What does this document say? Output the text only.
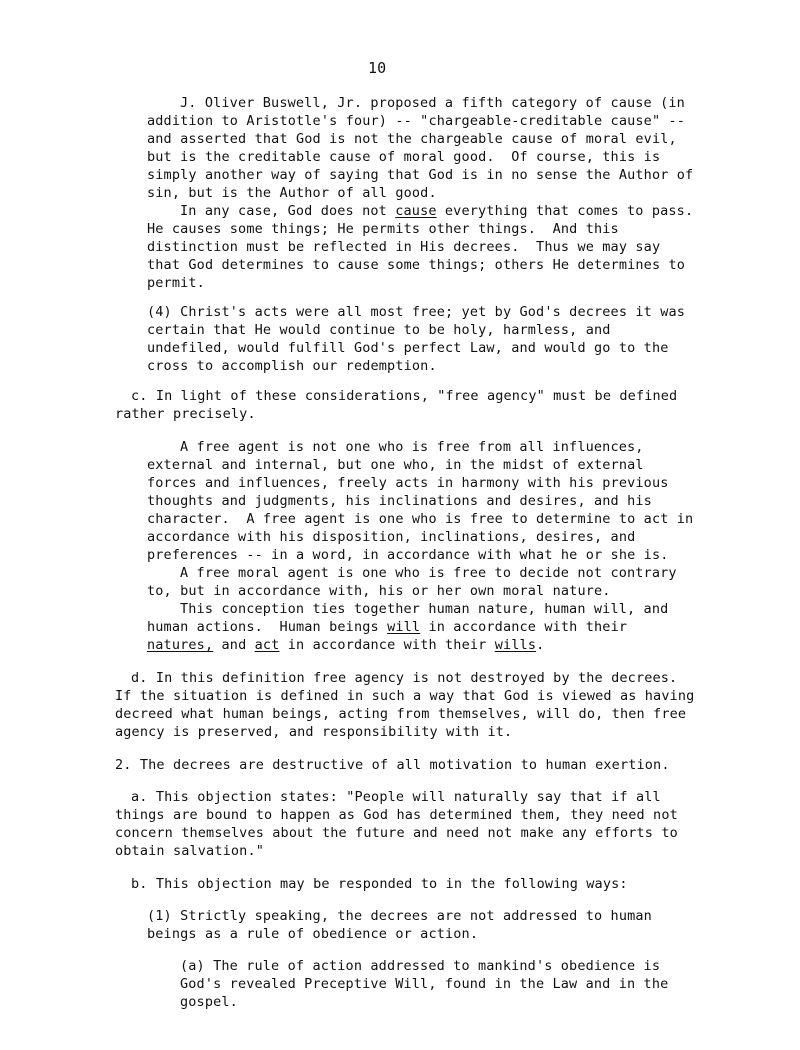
10
J. Oliver Buswell, Jr. proposed a fifth category of cause (in
addition to Aristotle's four) -- "chargeable-creditable cause" --
and asserted that God is not the chargeable cause of moral evil,
but is the creditable cause of moral good.  Of course, this is
simply another way of saying that God is in no sense the Author of
sin, but is the Author of all good.
In any case, God does not cause everything that comes to pass.
He causes some things; He permits other things.  And this
distinction must be reflected in His decrees.  Thus we may say
that God determines to cause some things; others He determines to
permit.
(4) Christ's acts were all most free; yet by God's decrees it was
certain that He would continue to be holy, harmless, and
undefiled, would fulfill God's perfect Law, and would go to the
cross to accomplish our redemption.
c. In light of these considerations, "free agency" must be defined
rather precisely.
A free agent is not one who is free from all influences,
external and internal, but one who, in the midst of external
forces and influences, freely acts in harmony with his previous
thoughts and judgments, his inclinations and desires, and his
character.  A free agent is one who is free to determine to act in
accordance with his disposition, inclinations, desires, and
preferences -- in a word, in accordance with what he or she is.
A free moral agent is one who is free to decide not contrary
to, but in accordance with, his or her own moral nature.
This conception ties together human nature, human will, and
human actions.  Human beings will in accordance with their
natures, and act in accordance with their wills.
d. In this definition free agency is not destroyed by the decrees.
If the situation is defined in such a way that God is viewed as having
decreed what human beings, acting from themselves, will do, then free
agency is preserved, and responsibility with it.
2. The decrees are destructive of all motivation to human exertion.
a. This objection states: "People will naturally say that if all
things are bound to happen as God has determined them, they need not
concern themselves about the future and need not make any efforts to
obtain salvation."
b. This objection may be responded to in the following ways:
(1) Strictly speaking, the decrees are not addressed to human
beings as a rule of obedience or action.
(a) The rule of action addressed to mankind's obedience is
God's revealed Preceptive Will, found in the Law and in the
gospel.
